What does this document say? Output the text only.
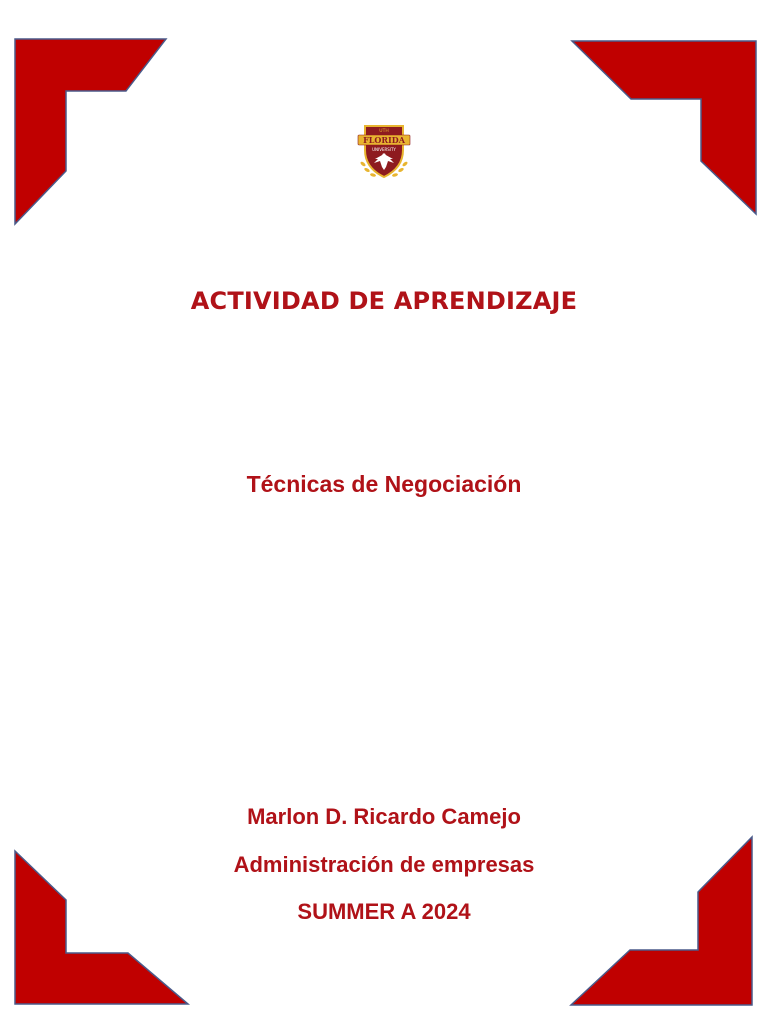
UTH
FLORIDA
UNIVERSITY
ACTIVIDAD DE APRENDIZAJE
Técnicas de Negociación
Marlon D. Ricardo Camejo
Administración de empresas
SUMMER A 2024
